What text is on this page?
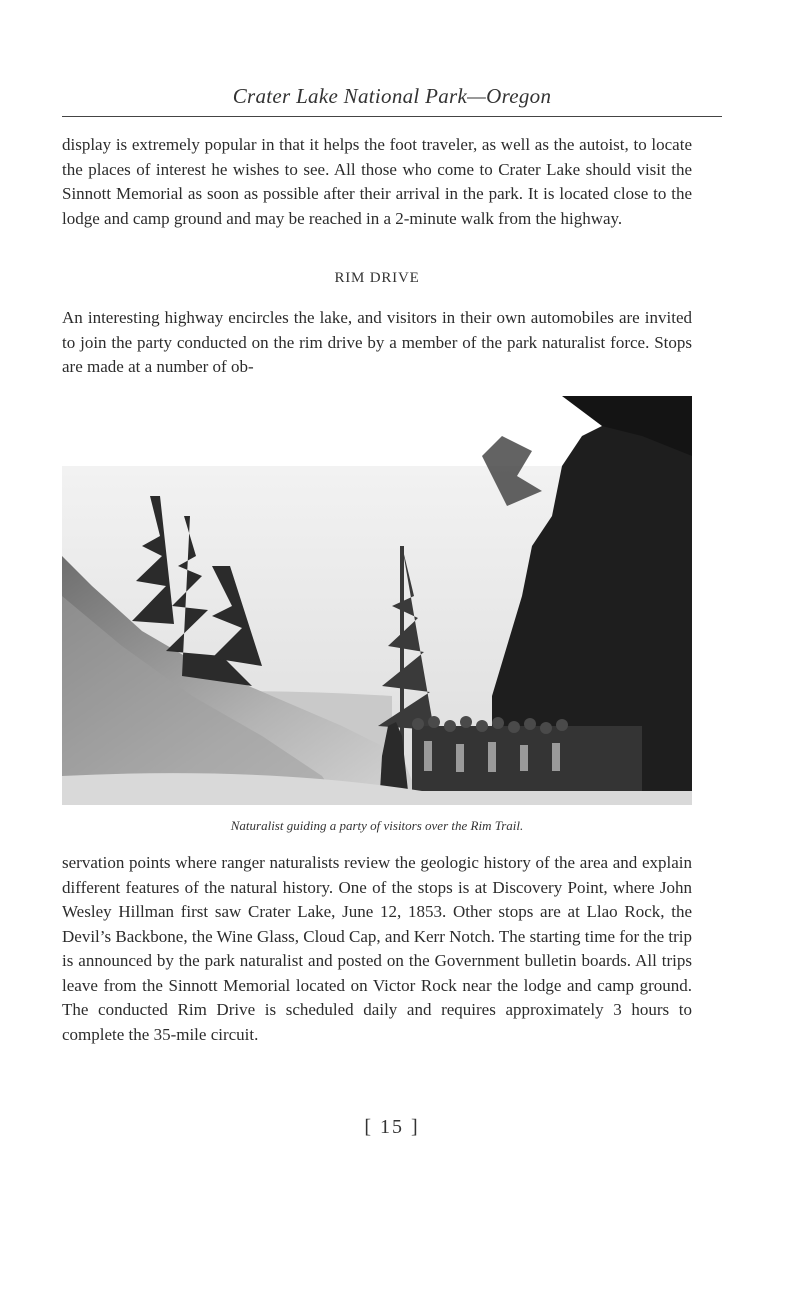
Crater Lake National Park—Oregon

display is extremely popular in that it helps the foot traveler, as well as the autoist, to locate the places of interest he wishes to see. All those who come to Crater Lake should visit the Sinnott Memorial as soon as possible after their arrival in the park. It is located close to the lodge and camp ground and may be reached in a 2-minute walk from the highway.

RIM DRIVE

An interesting highway encircles the lake, and visitors in their own automobiles are invited to join the party conducted on the rim drive by a member of the park naturalist force. Stops are made at a number of ob-

Naturalist guiding a party of visitors over the Rim Trail.

servation points where ranger naturalists review the geologic history of the area and explain different features of the natural history. One of the stops is at Discovery Point, where John Wesley Hillman first saw Crater Lake, June 12, 1853. Other stops are at Llao Rock, the Devil’s Backbone, the Wine Glass, Cloud Cap, and Kerr Notch. The starting time for the trip is announced by the park naturalist and posted on the Government bulletin boards. All trips leave from the Sinnott Memorial located on Victor Rock near the lodge and camp ground. The conducted Rim Drive is scheduled daily and requires approximately 3 hours to complete the 35-mile circuit.

[ 15 ]
